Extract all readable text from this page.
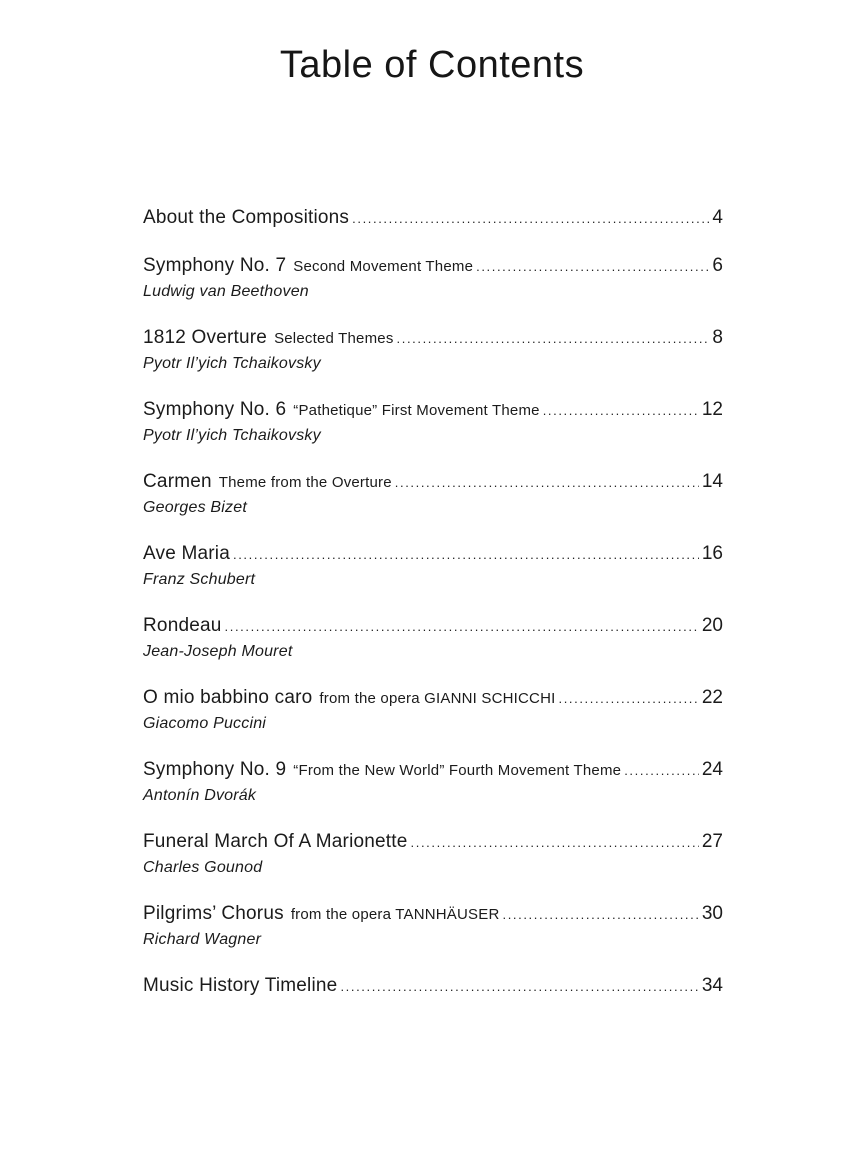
Table of Contents
About the Compositions .....	4
Symphony No. 7 Second Movement Theme .....	6
Ludwig van Beethoven
1812 Overture Selected Themes .....	8
Pyotr Il’yich Tchaikovsky
Symphony No. 6 “Pathetique” First Movement Theme .....	12
Pyotr Il’yich Tchaikovsky
Carmen Theme from the Overture .....	14
Georges Bizet
Ave Maria .....	16
Franz Schubert
Rondeau .....	20
Jean-Joseph Mouret
O mio babbino caro from the opera GIANNI SCHICCHI .....	22
Giacomo Puccini
Symphony No. 9 “From the New World” Fourth Movement Theme .....	24
Antonín Dvorák
Funeral March Of A Marionette .....	27
Charles Gounod
Pilgrims’ Chorus from the opera TANNHÄUSER .....	30
Richard Wagner
Music History Timeline .....	34
